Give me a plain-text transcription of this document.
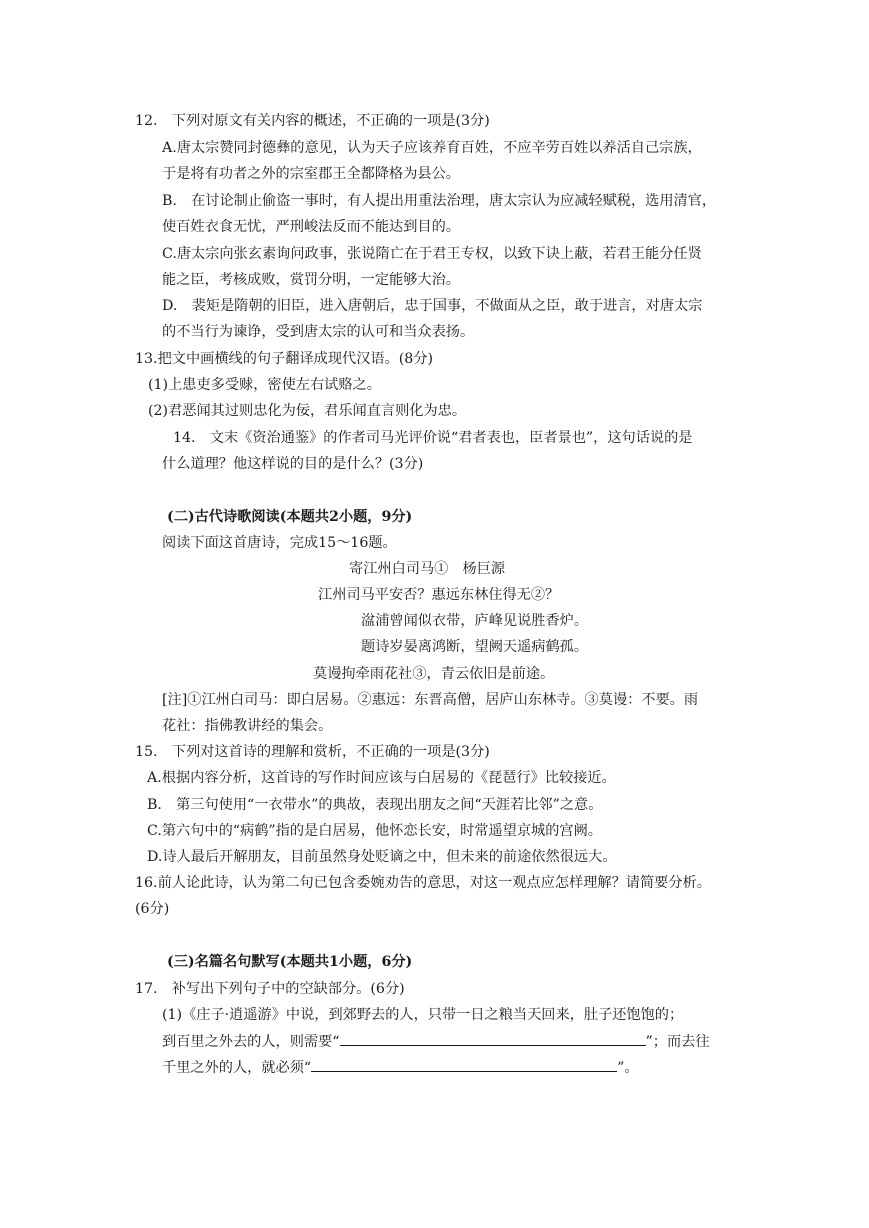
12.　下列对原文有关内容的概述，不正确的一项是(3分)
A.唐太宗赞同封德彝的意见，认为天子应该养育百姓，不应辛劳百姓以养活自己宗族，
于是将有功者之外的宗室郡王全都降格为县公。
B.　在讨论制止偷盗一事时，有人提出用重法治理，唐太宗认为应减轻赋税，选用清官，
使百姓衣食无忧，严刑峻法反而不能达到目的。
C.唐太宗向张玄素询问政事，张说隋亡在于君王专权，以致下诀上蔽，若君王能分任贤
能之臣，考核成败，赏罚分明，一定能够大治。
D.　裴矩是隋朝的旧臣，进入唐朝后，忠于国事，不做面从之臣，敢于进言，对唐太宗
的不当行为谏诤，受到唐太宗的认可和当众表扬。
13.把文中画横线的句子翻译成现代汉语。(8分)
(1)上患吏多受赇，密使左右试赂之。
(2)君恶闻其过则忠化为佞，君乐闻直言则化为忠。
14.　文末《资治通鉴》的作者司马光评价说“君者表也，臣者景也”，这句话说的是
什么道理？他这样说的目的是什么？(3分)
(二)古代诗歌阅读(本题共2小题，9分)
阅读下面这首唐诗，完成15～16题。
寄江州白司马①　杨巨源
江州司马平安否？惠远东林住得无②？
湓浦曾闻似衣带，庐峰见说胜香炉。
题诗岁晏离鸿断，望阙天遥病鹤孤。
莫谩拘牵雨花社③，青云依旧是前途。
[注]①江州白司马：即白居易。②惠远：东晋高僧，居庐山东林寺。③莫谩：不要。雨
花社：指佛教讲经的集会。
15.　下列对这首诗的理解和赏析，不正确的一项是(3分)
A.根据内容分析，这首诗的写作时间应该与白居易的《琵琶行》比较接近。
B.　第三句使用“一衣带水”的典故，表现出朋友之间“天涯若比邻”之意。
C.第六句中的“病鹤”指的是白居易，他怀恋长安，时常遥望京城的宫阙。
D.诗人最后开解朋友，目前虽然身处贬谪之中，但未来的前途依然很远大。
16.前人论此诗，认为第二句已包含委婉劝告的意思，对这一观点应怎样理解？请简要分析。
(6分)
(三)名篇名句默写(本题共1小题，6分)
17.　补写出下列句子中的空缺部分。(6分)
(1)《庄子·逍遥游》中说，到郊野去的人，只带一日之粮当天回来，肚子还饱饱的；
到百里之外去的人，则需要“	”；而去往
千里之外的人，就必须“	”。
